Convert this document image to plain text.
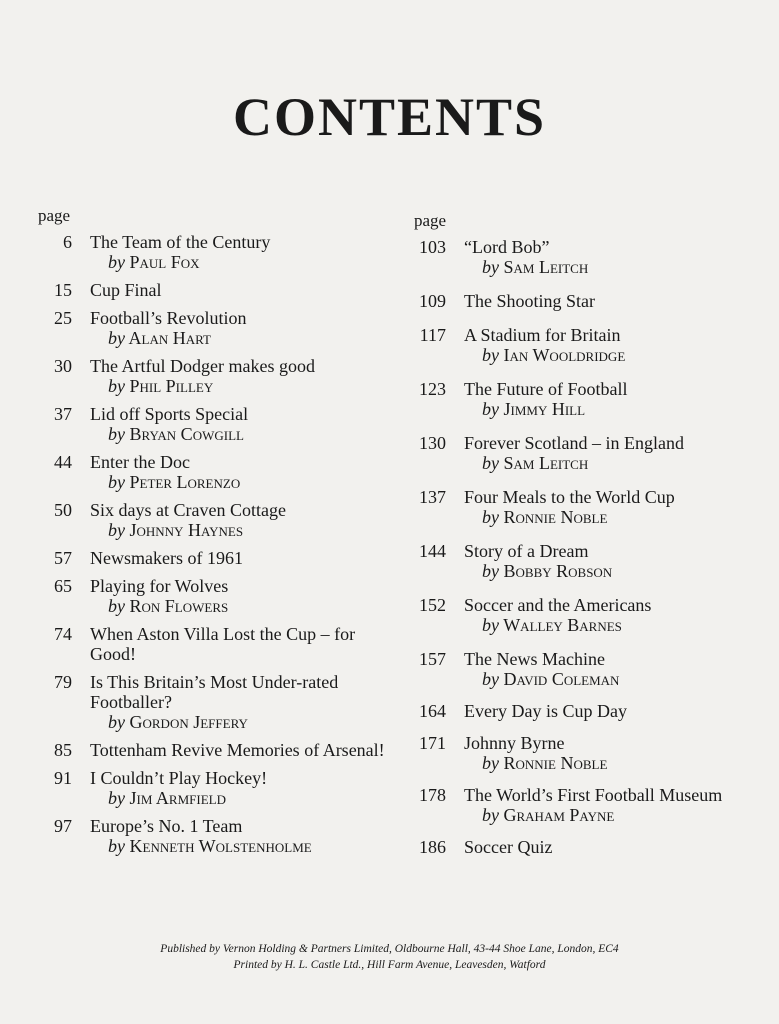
CONTENTS
page
6 The Team of the Century
by Paul Fox
15 Cup Final
25 Football’s Revolution
by Alan Hart
30 The Artful Dodger makes good
by Phil Pilley
37 Lid off Sports Special
by Bryan Cowgill
44 Enter the Doc
by Peter Lorenzo
50 Six days at Craven Cottage
by Johnny Haynes
57 Newsmakers of 1961
65 Playing for Wolves
by Ron Flowers
74 When Aston Villa Lost the Cup – for Good!
79 Is This Britain’s Most Under-rated Footballer?
by Gordon Jeffery
85 Tottenham Revive Memories of Arsenal!
91 I Couldn’t Play Hockey!
by Jim Armfield
97 Europe’s No. 1 Team
by Kenneth Wolstenholme
page
103 “Lord Bob”
by Sam Leitch
109 The Shooting Star
117 A Stadium for Britain
by Ian Wooldridge
123 The Future of Football
by Jimmy Hill
130 Forever Scotland – in England
by Sam Leitch
137 Four Meals to the World Cup
by Ronnie Noble
144 Story of a Dream
by Bobby Robson
152 Soccer and the Americans
by Walley Barnes
157 The News Machine
by David Coleman
164 Every Day is Cup Day
171 Johnny Byrne
by Ronnie Noble
178 The World’s First Football Museum
by Graham Payne
186 Soccer Quiz
Published by Vernon Holding & Partners Limited, Oldbourne Hall, 43-44 Shoe Lane, London, EC4
Printed by H. L. Castle Ltd., Hill Farm Avenue, Leavesden, Watford
